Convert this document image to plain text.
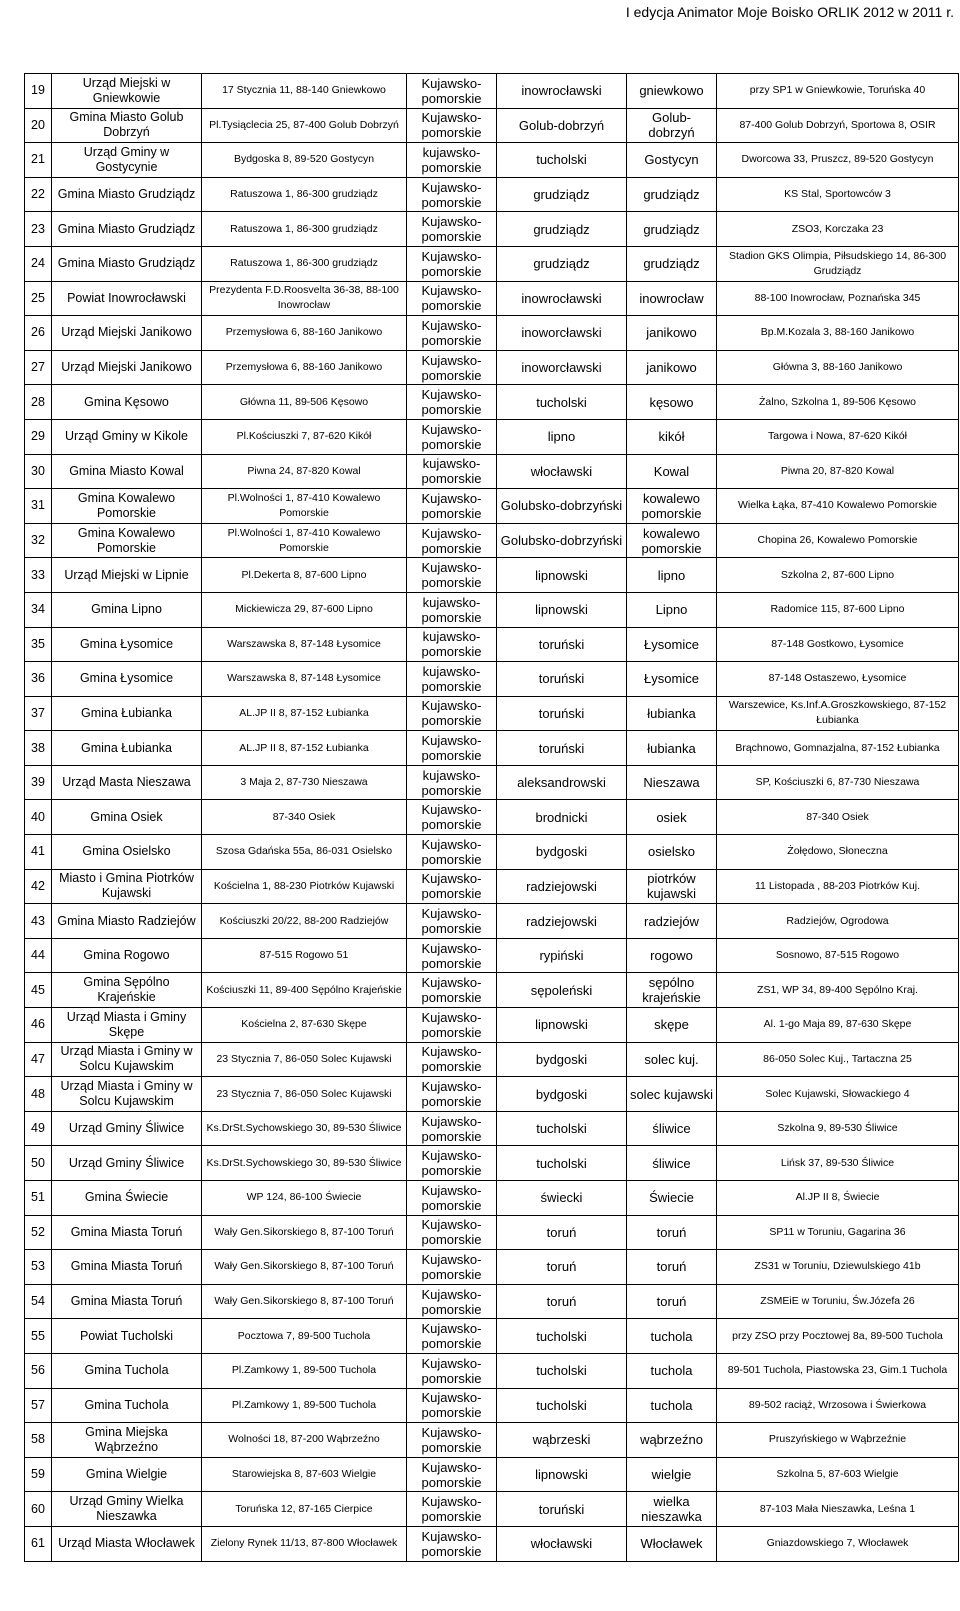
I edycja Animator Moje Boisko ORLIK 2012 w 2011 r.
19	Urząd Miejski w Gniewkowie	17 Stycznia 11, 88-140 Gniewkowo	Kujawsko-pomorskie	inowrocławski	gniewkowo	przy SP1 w Gniewkowie, Toruńska 40
20	Gmina Miasto Golub Dobrzyń	Pl.Tysiąclecia 25, 87-400 Golub Dobrzyń	Kujawsko-pomorskie	Golub-dobrzyń	Golub-dobrzyń	87-400 Golub Dobrzyń, Sportowa 8, OSIR
21	Urząd Gminy w Gostycynie	Bydgoska 8, 89-520 Gostycyn	kujawsko-pomorskie	tucholski	Gostycyn	Dworcowa 33, Pruszcz, 89-520 Gostycyn
22	Gmina Miasto Grudziądz	Ratuszowa 1, 86-300 grudziądz	Kujawsko-pomorskie	grudziądz	grudziądz	KS Stal, Sportowców 3
23	Gmina Miasto Grudziądz	Ratuszowa 1, 86-300 grudziądz	Kujawsko-pomorskie	grudziądz	grudziądz	ZSO3, Korczaka 23
24	Gmina Miasto Grudziądz	Ratuszowa 1, 86-300 grudziądz	Kujawsko-pomorskie	grudziądz	grudziądz	Stadion GKS Olimpia, Piłsudskiego 14, 86-300 Grudziądz
25	Powiat Inowrocławski	Prezydenta F.D.Roosvelta 36-38, 88-100 Inowrocław	Kujawsko-pomorskie	inowrocławski	inowrocław	88-100 Inowrocław, Poznańska 345
26	Urząd Miejski Janikowo	Przemysłowa 6, 88-160 Janikowo	Kujawsko-pomorskie	inoworcławski	janikowo	Bp.M.Kozala 3, 88-160 Janikowo
27	Urząd Miejski Janikowo	Przemysłowa 6, 88-160 Janikowo	Kujawsko-pomorskie	inoworcławski	janikowo	Główna 3, 88-160 Janikowo
28	Gmina Kęsowo	Główna 11, 89-506 Kęsowo	Kujawsko-pomorskie	tucholski	kęsowo	Żalno, Szkolna 1, 89-506 Kęsowo
29	Urząd Gminy w Kikole	Pl.Kościuszki 7, 87-620 Kikół	Kujawsko-pomorskie	lipno	kikół	Targowa i Nowa, 87-620 Kikół
30	Gmina Miasto Kowal	Piwna 24, 87-820 Kowal	kujawsko-pomorskie	włocławski	Kowal	Piwna 20, 87-820 Kowal
31	Gmina Kowalewo Pomorskie	Pl.Wolności 1, 87-410 Kowalewo Pomorskie	Kujawsko-pomorskie	Golubsko-dobrzyński	kowalewo pomorskie	Wielka Łąka, 87-410 Kowalewo Pomorskie
32	Gmina Kowalewo Pomorskie	Pl.Wolności 1, 87-410 Kowalewo Pomorskie	Kujawsko-pomorskie	Golubsko-dobrzyński	kowalewo pomorskie	Chopina 26, Kowalewo Pomorskie
33	Urząd Miejski w Lipnie	Pl.Dekerta 8, 87-600 Lipno	Kujawsko-pomorskie	lipnowski	lipno	Szkolna 2, 87-600 Lipno
34	Gmina Lipno	Mickiewicza 29, 87-600 Lipno	kujawsko-pomorskie	lipnowski	Lipno	Radomice 115, 87-600 Lipno
35	Gmina Łysomice	Warszawska 8, 87-148 Łysomice	kujawsko-pomorskie	toruński	Łysomice	87-148 Gostkowo, Łysomice
36	Gmina Łysomice	Warszawska 8, 87-148 Łysomice	kujawsko-pomorskie	toruński	Łysomice	87-148 Ostaszewo, Łysomice
37	Gmina Łubianka	AL.JP II 8, 87-152 Łubianka	Kujawsko-pomorskie	toruński	łubianka	Warszewice, Ks.Inf.A.Groszkowskiego, 87-152 Łubianka
38	Gmina Łubianka	AL.JP II 8, 87-152 Łubianka	Kujawsko-pomorskie	toruński	łubianka	Brąchnowo, Gomnazjalna, 87-152 Łubianka
39	Urząd Masta Nieszawa	3 Maja 2, 87-730 Nieszawa	kujawsko-pomorskie	aleksandrowski	Nieszawa	SP, Kościuszki 6, 87-730 Nieszawa
40	Gmina Osiek	87-340 Osiek	Kujawsko-pomorskie	brodnicki	osiek	87-340 Osiek
41	Gmina Osielsko	Szosa Gdańska 55a, 86-031 Osielsko	Kujawsko-pomorskie	bydgoski	osielsko	Żołędowo, Słoneczna
42	Miasto i Gmina Piotrków Kujawski	Kościelna 1, 88-230 Piotrków Kujawski	Kujawsko-pomorskie	radziejowski	piotrków kujawski	11 Listopada , 88-203 Piotrków Kuj.
43	Gmina Miasto Radziejów	Kościuszki 20/22, 88-200 Radziejów	Kujawsko-pomorskie	radziejowski	radziejów	Radziejów, Ogrodowa
44	Gmina Rogowo	87-515 Rogowo 51	Kujawsko-pomorskie	rypiński	rogowo	Sosnowo, 87-515 Rogowo
45	Gmina Sępólno Krajeńskie	Kościuszki 11, 89-400 Sępólno Krajeńskie	Kujawsko-pomorskie	sępoleński	sępólno krajeńskie	ZS1, WP 34, 89-400 Sępólno Kraj.
46	Urząd Miasta i Gminy Skępe	Kościelna 2, 87-630 Skępe	Kujawsko-pomorskie	lipnowski	skępe	Al. 1-go Maja 89, 87-630 Skępe
47	Urząd Miasta i Gminy w Solcu Kujawskim	23 Stycznia 7, 86-050 Solec Kujawski	Kujawsko-pomorskie	bydgoski	solec kuj.	86-050 Solec Kuj., Tartaczna 25
48	Urząd Miasta i Gminy w Solcu Kujawskim	23 Stycznia 7, 86-050 Solec Kujawski	Kujawsko-pomorskie	bydgoski	solec kujawski	Solec Kujawski, Słowackiego 4
49	Urząd Gminy Śliwice	Ks.DrSt.Sychowskiego 30, 89-530 Śliwice	Kujawsko-pomorskie	tucholski	śliwice	Szkolna 9, 89-530 Śliwice
50	Urząd Gminy Śliwice	Ks.DrSt.Sychowskiego 30, 89-530 Śliwice	Kujawsko-pomorskie	tucholski	śliwice	Lińsk 37, 89-530 Śliwice
51	Gmina Świecie	WP 124, 86-100 Świecie	Kujawsko-pomorskie	świecki	Świecie	Al.JP II 8, Świecie
52	Gmina Miasta Toruń	Wały Gen.Sikorskiego 8, 87-100 Toruń	Kujawsko-pomorskie	toruń	toruń	SP11 w Toruniu, Gagarina 36
53	Gmina Miasta Toruń	Wały Gen.Sikorskiego 8, 87-100 Toruń	Kujawsko-pomorskie	toruń	toruń	ZS31 w Toruniu, Dziewulskiego 41b
54	Gmina Miasta Toruń	Wały Gen.Sikorskiego 8, 87-100 Toruń	Kujawsko-pomorskie	toruń	toruń	ZSMEiE w Toruniu, Św.Józefa 26
55	Powiat Tucholski	Pocztowa 7, 89-500 Tuchola	Kujawsko-pomorskie	tucholski	tuchola	przy ZSO przy Pocztowej 8a, 89-500 Tuchola
56	Gmina Tuchola	Pl.Zamkowy 1, 89-500 Tuchola	Kujawsko-pomorskie	tucholski	tuchola	89-501 Tuchola, Piastowska 23, Gim.1 Tuchola
57	Gmina Tuchola	Pl.Zamkowy 1, 89-500 Tuchola	Kujawsko-pomorskie	tucholski	tuchola	89-502 raciąż, Wrzosowa i Świerkowa
58	Gmina Miejska Wąbrzeźno	Wolności 18, 87-200 Wąbrzeźno	Kujawsko-pomorskie	wąbrzeski	wąbrzeźno	Pruszyńskiego w Wąbrzeźnie
59	Gmina Wielgie	Starowiejska 8, 87-603 Wielgie	Kujawsko-pomorskie	lipnowski	wielgie	Szkolna 5, 87-603 Wielgie
60	Urząd Gminy Wielka Nieszawka	Toruńska 12, 87-165 Cierpice	Kujawsko-pomorskie	toruński	wielka nieszawka	87-103 Mała Nieszawka, Leśna 1
61	Urząd Miasta Włocławek	Zielony Rynek 11/13, 87-800 Włocławek	Kujawsko-pomorskie	włocławski	Włocławek	Gniazdowskiego 7, Włocławek
